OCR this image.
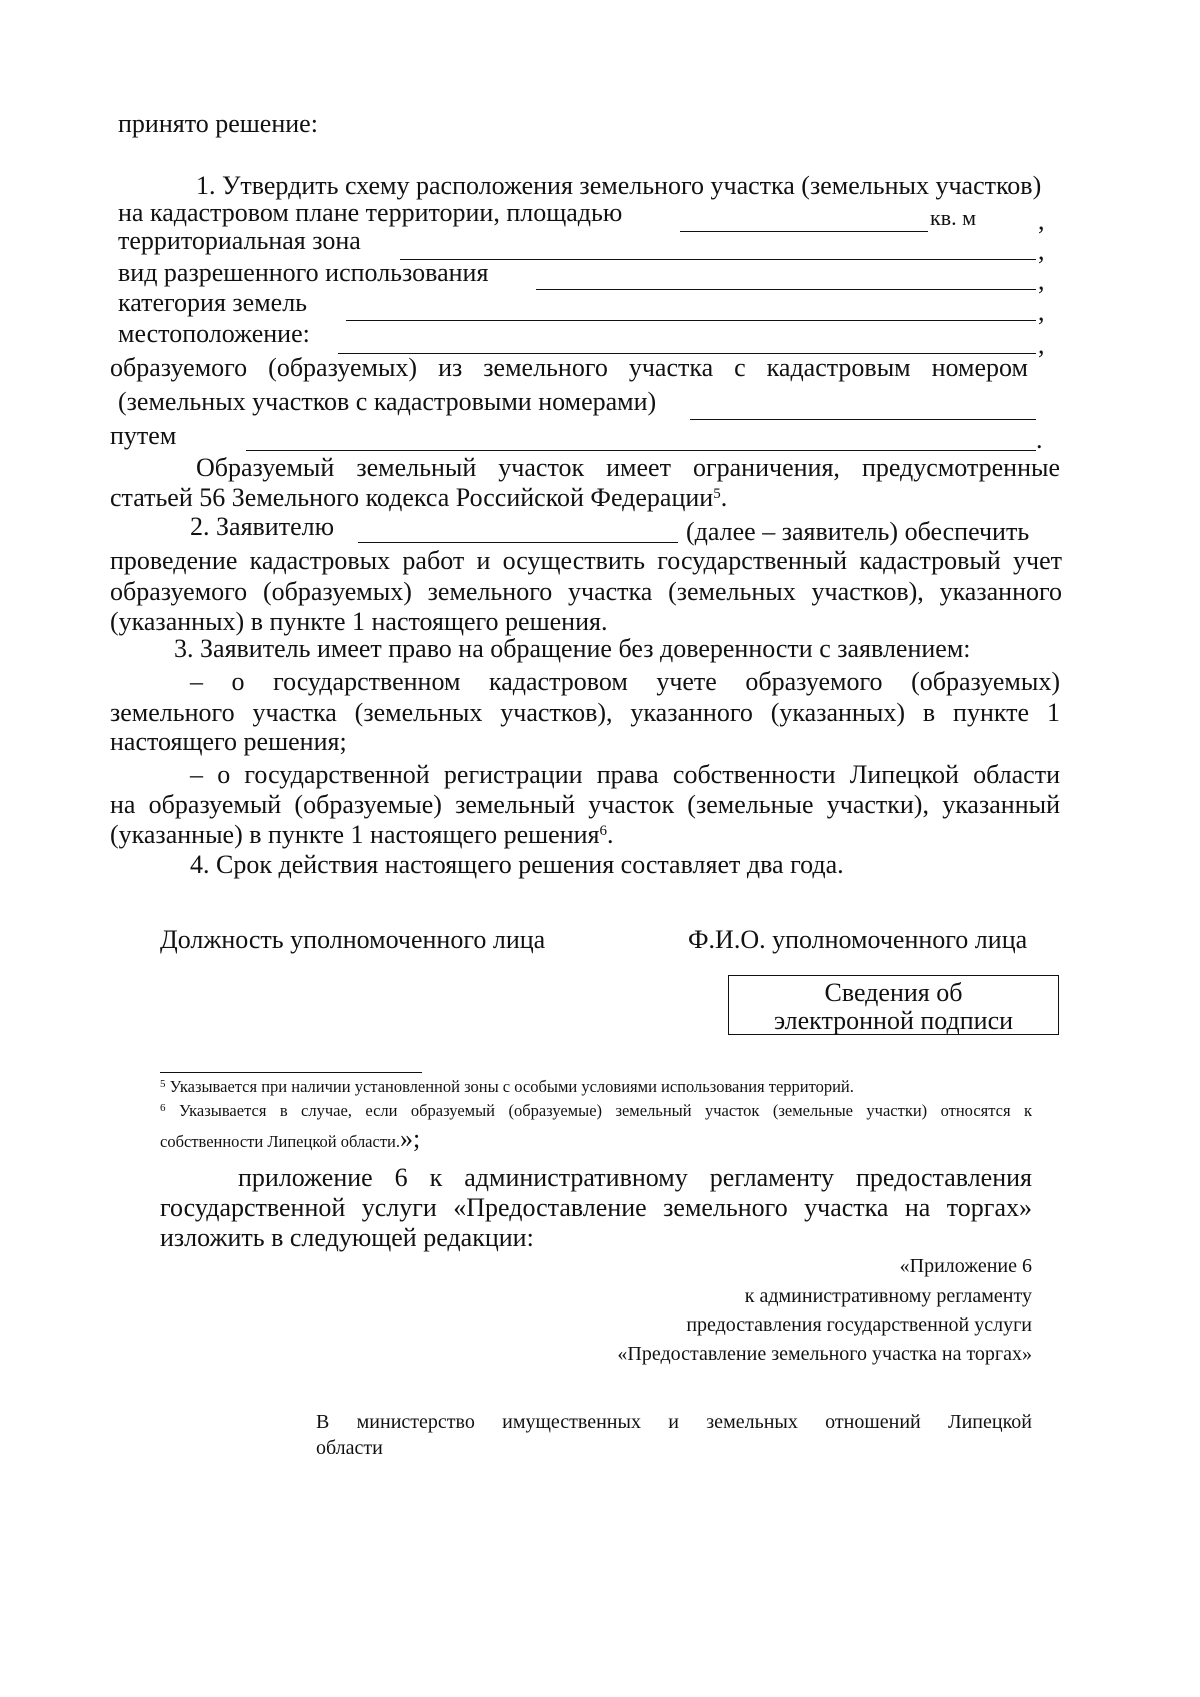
принято решение:
1. Утвердить схему расположения земельного участка (земельных участков)
на кадастровом плане территории, площадью	кв. м ,
территориальная зона	,
вид разрешенного использования	,
категория земель	,
местоположение:	,
образуемого (образуемых) из земельного участка с кадастровым номером
(земельных участков с кадастровыми номерами)
путем	.
Образуемый земельный участок имеет ограничения, предусмотренные
статьей 56 Земельного кодекса Российской Федерации$^5$.
2. Заявителю	(далее – заявитель) обеспечить
проведение кадастровых работ и осуществить государственный кадастровый учет
образуемого (образуемых) земельного участка (земельных участков), указанного
(указанных) в пункте 1 настоящего решения.
3. Заявитель имеет право на обращение без доверенности с заявлением:
– о государственном кадастровом учете образуемого (образуемых)
земельного участка (земельных участков), указанного (указанных) в пункте 1
настоящего решения;
– о государственной регистрации права собственности Липецкой области
на образуемый (образуемые) земельный участок (земельные участки), указанный
(указанные) в пункте 1 настоящего решения$^6$.
4. Срок действия настоящего решения составляет два года.
Должность уполномоченного лица	Ф.И.О. уполномоченного лица
Сведения об
электронной подписи
$^5$ Указывается при наличии установленной зоны с особыми условиями использования территорий.
$^6$ Указывается в случае, если образуемый (образуемые) земельный участок (земельные участки) относятся к
собственности Липецкой области.»;
приложение 6 к административному регламенту предоставления
государственной услуги «Предоставление земельного участка на торгах»
изложить в следующей редакции:
«Приложение 6
к административному регламенту
предоставления государственной услуги
«Предоставление земельного участка на торгах»
В министерство имущественных и земельных отношений Липецкой
области
